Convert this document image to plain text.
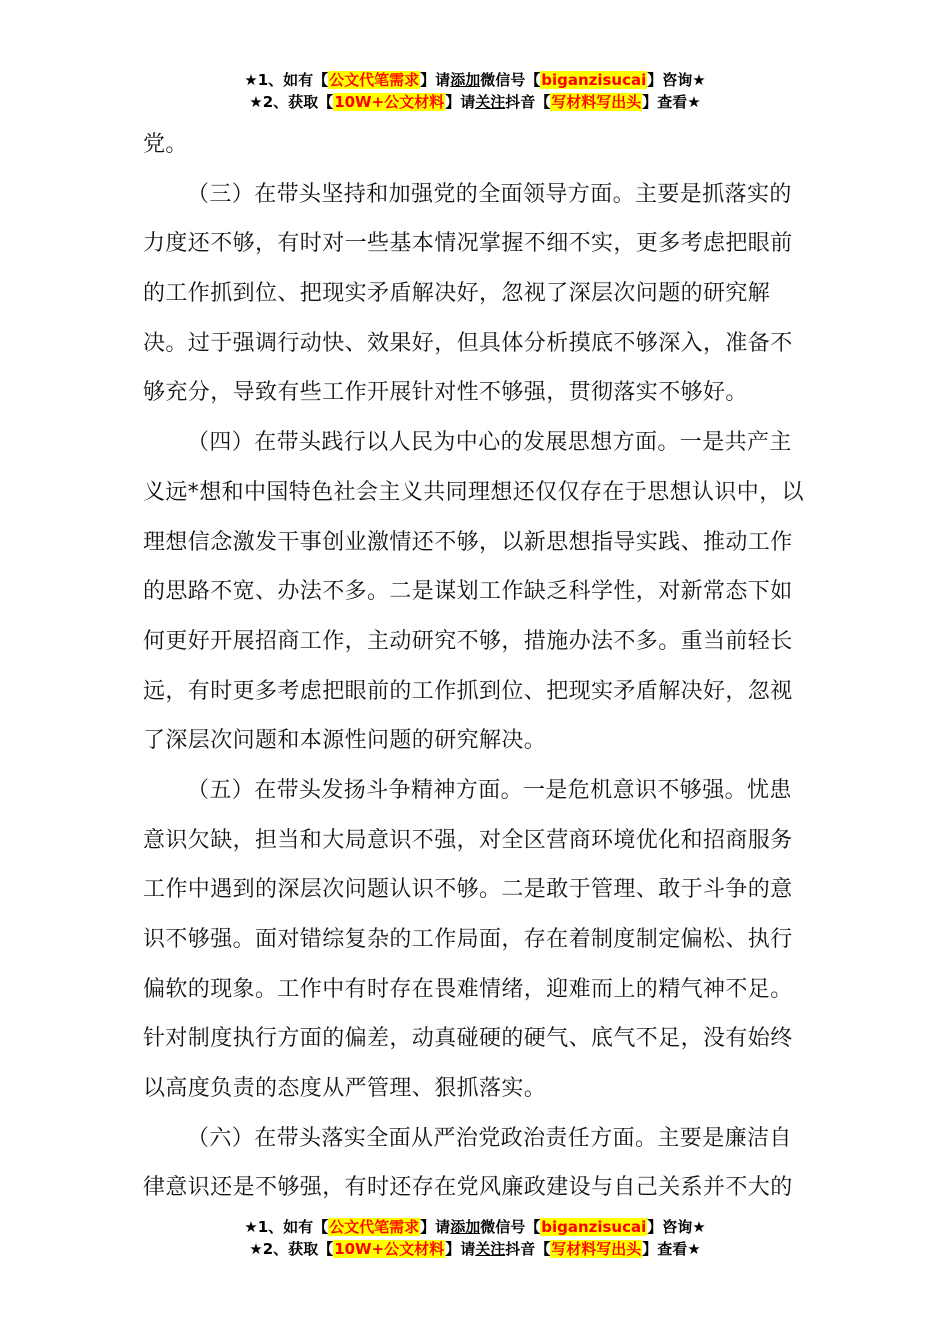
★1、如有【公文代笔需求】请添加微信号【biganzisucai】咨询★
★2、获取【10W+公文材料】请关注抖音【写材料写出头】查看★
党。
（三）在带头坚持和加强党的全面领导方面。主要是抓落实的
力度还不够，有时对一些基本情况掌握不细不实，更多考虑把眼前
的工作抓到位、把现实矛盾解决好，忽视了深层次问题的研究解
决。过于强调行动快、效果好，但具体分析摸底不够深入，准备不
够充分，导致有些工作开展针对性不够强，贯彻落实不够好。
（四）在带头践行以人民为中心的发展思想方面。一是共产主
义远*想和中国特色社会主义共同理想还仅仅存在于思想认识中，以
理想信念激发干事创业激情还不够，以新思想指导实践、推动工作
的思路不宽、办法不多。二是谋划工作缺乏科学性，对新常态下如
何更好开展招商工作，主动研究不够，措施办法不多。重当前轻长
远，有时更多考虑把眼前的工作抓到位、把现实矛盾解决好，忽视
了深层次问题和本源性问题的研究解决。
（五）在带头发扬斗争精神方面。一是危机意识不够强。忧患
意识欠缺，担当和大局意识不强，对全区营商环境优化和招商服务
工作中遇到的深层次问题认识不够。二是敢于管理、敢于斗争的意
识不够强。面对错综复杂的工作局面，存在着制度制定偏松、执行
偏软的现象。工作中有时存在畏难情绪，迎难而上的精气神不足。
针对制度执行方面的偏差，动真碰硬的硬气、底气不足，没有始终
以高度负责的态度从严管理、狠抓落实。
（六）在带头落实全面从严治党政治责任方面。主要是廉洁自
律意识还是不够强，有时还存在党风廉政建设与自己关系并不大的
★1、如有【公文代笔需求】请添加微信号【biganzisucai】咨询★
★2、获取【10W+公文材料】请关注抖音【写材料写出头】查看★
